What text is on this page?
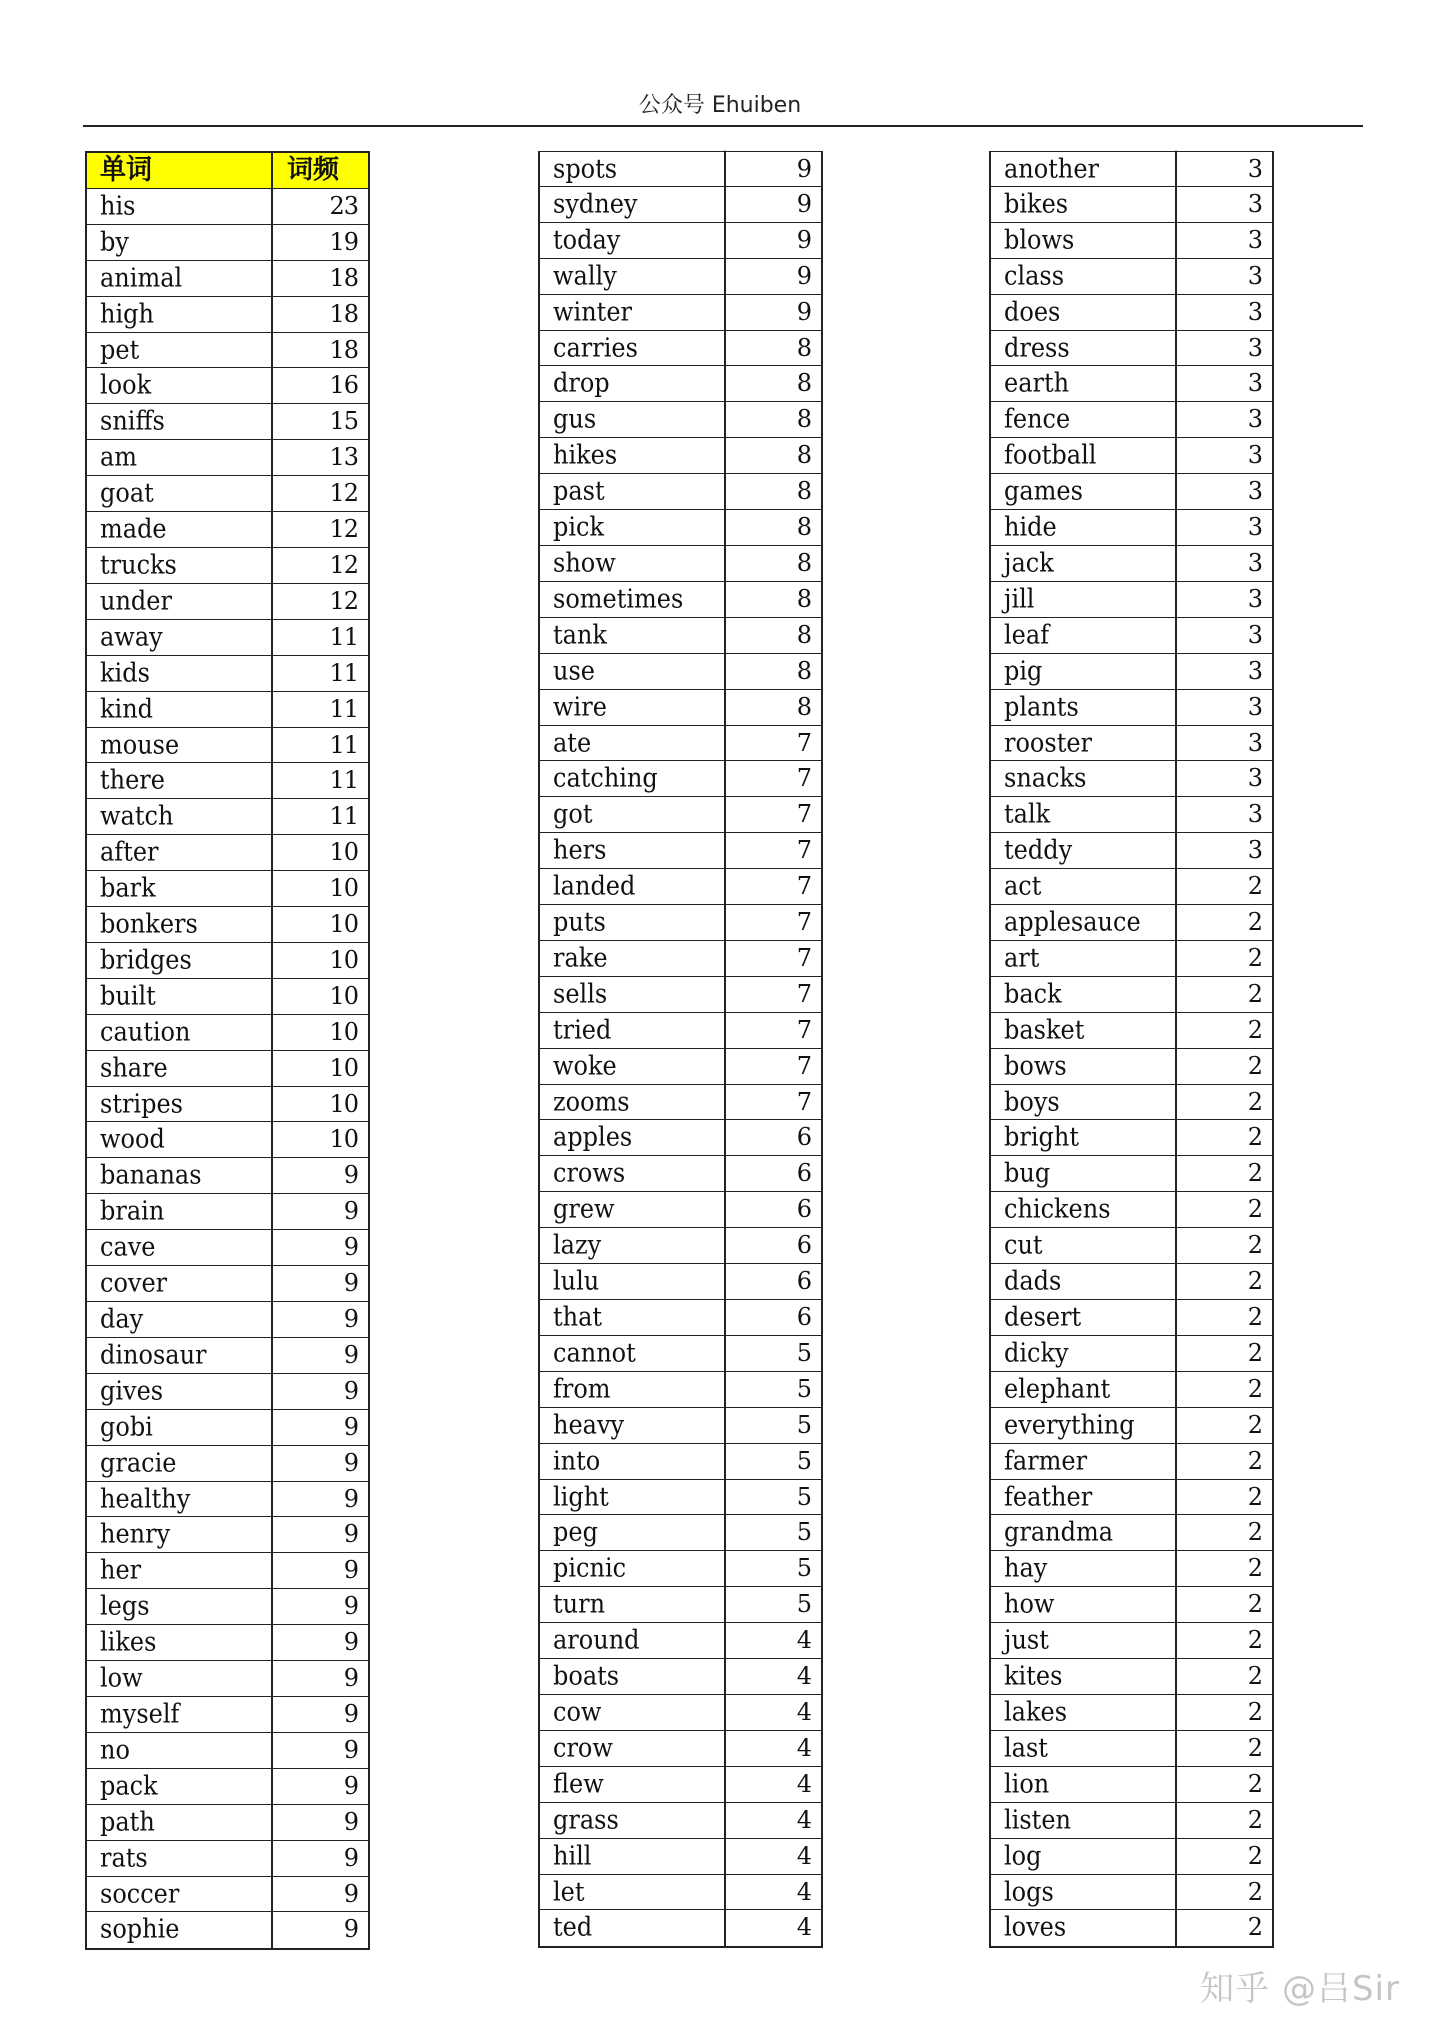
公众号 Ehuiben
单词	词频
his	23
by	19
animal	18
high	18
pet	18
look	16
sniffs	15
am	13
goat	12
made	12
trucks	12
under	12
away	11
kids	11
kind	11
mouse	11
there	11
watch	11
after	10
bark	10
bonkers	10
bridges	10
built	10
caution	10
share	10
stripes	10
wood	10
bananas	9
brain	9
cave	9
cover	9
day	9
dinosaur	9
gives	9
gobi	9
gracie	9
healthy	9
henry	9
her	9
legs	9
likes	9
low	9
myself	9
no	9
pack	9
path	9
rats	9
soccer	9
sophie	9
spots	9
sydney	9
today	9
wally	9
winter	9
carries	8
drop	8
gus	8
hikes	8
past	8
pick	8
show	8
sometimes	8
tank	8
use	8
wire	8
ate	7
catching	7
got	7
hers	7
landed	7
puts	7
rake	7
sells	7
tried	7
woke	7
zooms	7
apples	6
crows	6
grew	6
lazy	6
lulu	6
that	6
cannot	5
from	5
heavy	5
into	5
light	5
peg	5
picnic	5
turn	5
around	4
boats	4
cow	4
crow	4
flew	4
grass	4
hill	4
let	4
ted	4
another	3
bikes	3
blows	3
class	3
does	3
dress	3
earth	3
fence	3
football	3
games	3
hide	3
jack	3
jill	3
leaf	3
pig	3
plants	3
rooster	3
snacks	3
talk	3
teddy	3
act	2
applesauce	2
art	2
back	2
basket	2
bows	2
boys	2
bright	2
bug	2
chickens	2
cut	2
dads	2
desert	2
dicky	2
elephant	2
everything	2
farmer	2
feather	2
grandma	2
hay	2
how	2
just	2
kites	2
lakes	2
last	2
lion	2
listen	2
log	2
logs	2
loves	2
知乎 @吕Sir
